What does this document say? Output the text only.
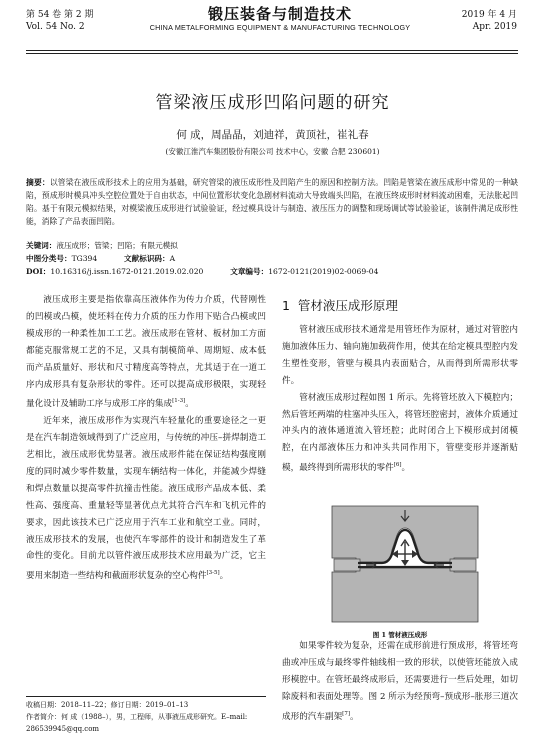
第 54 卷 第 2 期
Vol. 54 No. 2
锻压装备与制造技术
CHINA METALFORMING EQUIPMENT & MANUFACTURING TECHNOLOGY
2019 年 4 月
Apr. 2019
管梁液压成形凹陷问题的研究
何 成，周晶晶，刘迪祥，黄顶社，崔礼春
(安徽江淮汽车集团股份有限公司 技术中心，安徽 合肥 230601)
摘要：以管梁在液压成形技术上的应用为基础，研究管梁的液压成形性及凹陷产生的原因和控制方法。凹陷是管梁在液压成形中常见的一种缺陷，预成形时模具冲头空腔位置处于自由状态，中间位置形状变化急剧材料流动大导致端头凹陷，在液压终成形时材料流动困难，无法胀起凹陷。基于有限元模拟结果，对模梁液压成形进行试验验证，经过模具设计与制造、液压压力的调整和现场调试等试验验证，该制件满足成形性能，消除了产品表面凹陷。
关键词：液压成形；管梁；凹陷；有限元模拟
中图分类号：TG394	文献标识码：A
DOI：10.16316/j.issn.1672-0121.2019.02.020	文章编号：1672-0121(2019)02-0069-04

液压成形主要是指依靠高压液体作为传力介质，代替刚性的凹模或凸模，使坯料在传力介质的压力作用下贴合凸模或凹模成形的一种柔性加工工艺。液压成形在管材、板材加工方面都能克服常规工艺的不足，又具有制模简单、周期短、成本低而产品质量好、形状和尺寸精度高等特点，尤其适于在一道工序内成形具有复杂形状的零件。还可以提高成形极限，实现轻量化设计及辅助工序与成形工序的集成[1-3]。

近年来，液压成形作为实现汽车轻量化的重要途径之一更是在汽车制造领域得到了广泛应用，与传统的冲压–拼焊制造工艺相比，液压成形优势显著。液压成形件能在保证结构强度刚度的同时减少零件数量，实现车辆结构一体化，并能减少焊缝和焊点数量以提高零件抗撞击性能。液压成形产品成本低、柔性高、强度高、重量轻等显著优点尤其符合汽车和飞机元件的要求，因此该技术已广泛应用于汽车工业和航空工业。同时，液压成形技术的发展，也使汽车零部件的设计和制造发生了革命性的变化。目前尤以管件液压成形技术应用最为广泛，它主要用来制造一些结构和截面形状复杂的空心构件[3-5]。

1 管材液压成形原理

管材液压成形技术通常是用管坯作为原材，通过对管腔内施加液体压力、轴向施加载荷作用，使其在给定模具型腔内发生塑性变形，管壁与模具内表面贴合，从而得到所需形状零件。

管材液压成形过程如图 1 所示。先将管坯放入下模腔内；然后管坯两端的柱塞冲头压入，将管坯腔密封，液体介质通过冲头内的液体通道流入管坯腔；此时闭合上下模形成封闭模腔，在内部液体压力和冲头共同作用下，管壁变形并逐渐贴模，最终得到所需形状的零件[6]。

图 1 管材液压成形

如果零件较为复杂，还需在成形前进行预成形，将管坯弯曲或冲压成与最终零件轴线相一致的形状，以使管坯能放入成形模腔中。在管坯最终成形后，还需要进行一些后处理，如切除废料和表面处理等。图 2 所示为经预弯–预成形–胀形三道次成形的汽车副架[7]。

收稿日期：2018–11–22；修订日期：2019–01–13
作者简介：何 成（1988–），男，工程师，从事液压成形研究。E–mail: 286539945@qq.com
